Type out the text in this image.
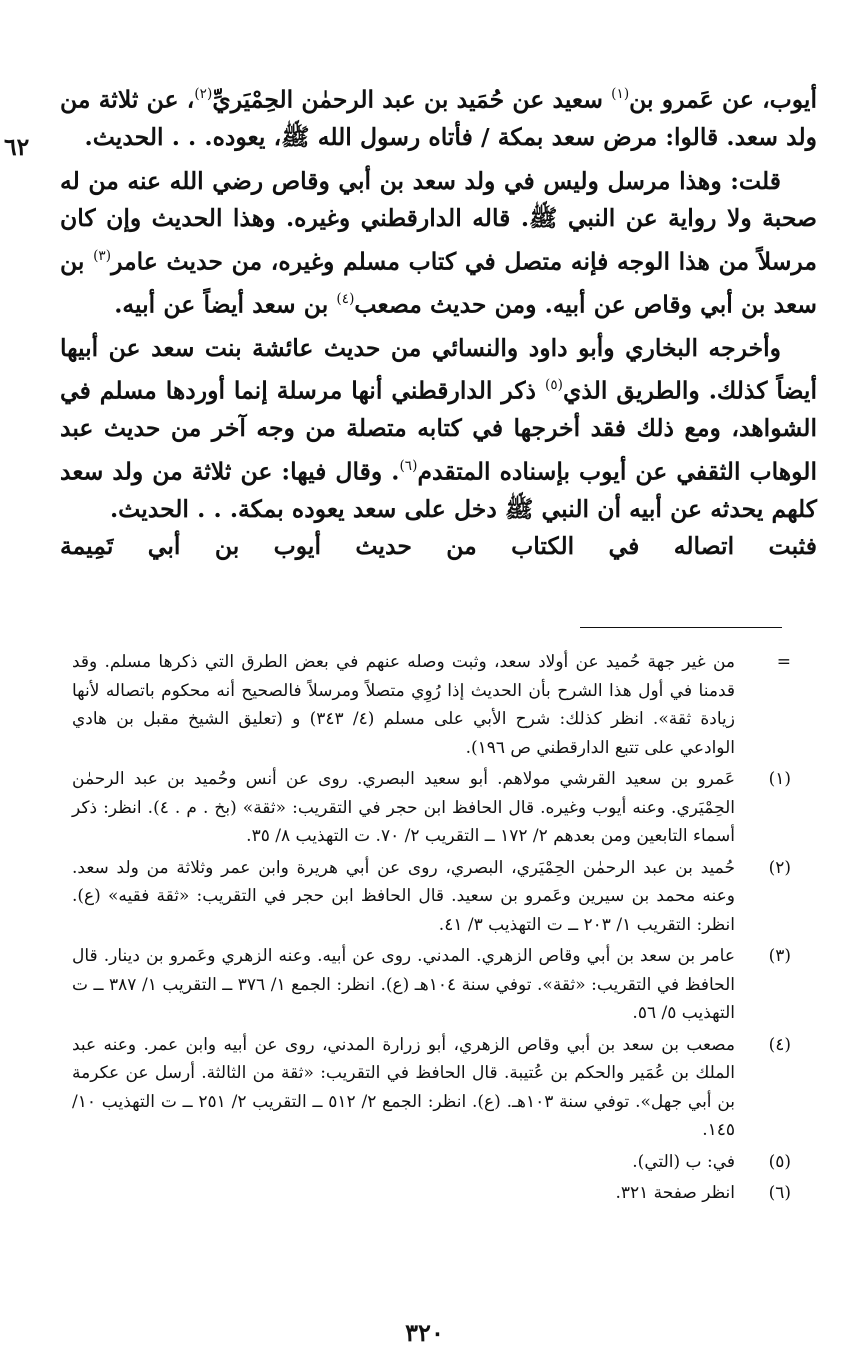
أيوب، عن عَمرو بن$^{(١)}$ سعيد عن حُمَيد بن عبد الرحمٰن الحِمْيَريِّ$^{(٢)}$، عن ثلاثة من ولد سعد. قالوا: مرض سعد بمكة / فأتاه رسول الله ﷺ، يعوده. . . الحديث.

قلت: وهذا مرسل وليس في ولد سعد بن أبي وقاص رضي الله عنه من له صحبة ولا رواية عن النبي ﷺ. قاله الدارقطني وغيره. وهذا الحديث وإن كان مرسلاً من هذا الوجه فإنه متصل في كتاب مسلم وغيره، من حديث عامر$^{(٣)}$ بن سعد بن أبي وقاص عن أبيه. ومن حديث مصعب$^{(٤)}$ بن سعد أيضاً عن أبيه.

وأخرجه البخاري وأبو داود والنسائي من حديث عائشة بنت سعد عن أبيها أيضاً كذلك. والطريق الذي$^{(٥)}$ ذكر الدارقطني أنها مرسلة إنما أوردها مسلم في الشواهد، ومع ذلك فقد أخرجها في كتابه متصلة من وجه آخر من حديث عبد الوهاب الثقفي عن أيوب بإسناده المتقدم$^{(٦)}$. وقال فيها: عن ثلاثة من ولد سعد كلهم يحدثه عن أبيه أن النبي ﷺ دخل على سعد يعوده بمكة. . . الحديث.

فثبت اتصاله في الكتاب من حديث أيوب بن أبي تَمِيمة

٦٢
=
من غير جهة حُميد عن أولاد سعد، وثبت وصله عنهم في بعض الطرق التي ذكرها مسلم. وقد قدمنا في أول هذا الشرح بأن الحديث إذا رُوِي متصلاً ومرسلاً فالصحيح أنه محكوم باتصاله لأنها زيادة ثقة». انظر كذلك: شرح الأبي على مسلم (٤/ ٣٤٣) و (تعليق الشيخ مقبل بن هادي الوادعي على تتبع الدارقطني ص ١٩٦).
(١)
عَمرو بن سعيد القرشي مولاهم. أبو سعيد البصري. روى عن أنس وحُميد بن عبد الرحمٰن الحِمْيَري. وعنه أيوب وغيره. قال الحافظ ابن حجر في التقريب: «ثقة» (بخ . م . ٤). انظر: ذكر أسماء التابعين ومن بعدهم ٢/ ١٧٢ ــ التقريب ٢/ ٧٠. ت التهذيب ٨/ ٣٥.
(٢)
حُميد بن عبد الرحمٰن الحِمْيَري، البصري، روى عن أبي هريرة وابن عمر وثلاثة من ولد سعد. وعنه محمد بن سيرين وعَمرو بن سعيد. قال الحافظ ابن حجر في التقريب: «ثقة فقيه» (ع). انظر: التقريب ١/ ٢٠٣ ــ ت التهذيب ٣/ ٤١.
(٣)
عامر بن سعد بن أبي وقاص الزهري. المدني. روى عن أبيه. وعنه الزهري وعَمرو بن دينار. قال الحافظ في التقريب: «ثقة». توفي سنة ١٠٤هـ (ع). انظر: الجمع ١/ ٣٧٦ ــ التقريب ١/ ٣٨٧ ــ ت التهذيب ٥/ ٥٦.
(٤)
مصعب بن سعد بن أبي وقاص الزهري، أبو زرارة المدني، روى عن أبيه وابن عمر. وعنه عبد الملك بن عُمَير والحكم بن عُتيبة. قال الحافظ في التقريب: «ثقة من الثالثة. أرسل عن عكرمة بن أبي جهل». توفي سنة ١٠٣هـ. (ع). انظر: الجمع ٢/ ٥١٢ ــ التقريب ٢/ ٢٥١ ــ ت التهذيب ١٠/ ١٤٥.
(٥)
في: ب (التي).
(٦)
انظر صفحة ٣٢١.
٣٢٠
